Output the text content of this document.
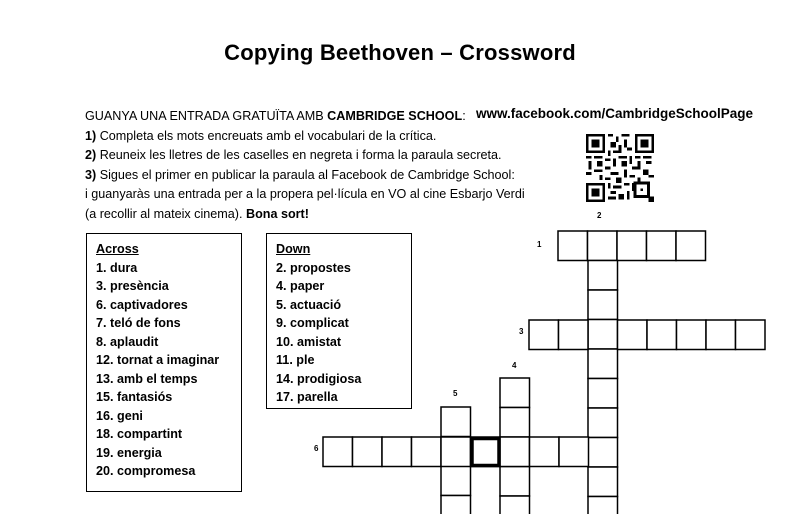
Copying Beethoven – Crossword
GUANYA UNA ENTRADA GRATUÏTA AMB CAMBRIDGE SCHOOL:
1) Completa els mots encreuats amb el vocabulari de la crítica.
2) Reuneix les lletres de les caselles en negreta i forma la paraula secreta.
3) Sigues el primer en publicar la paraula al Facebook de Cambridge School:
i guanyaràs una entrada per a la propera pel·lícula en VO al cine Esbarjo Verdi
(a recollir al mateix cinema). Bona sort!
www.facebook.com/CambridgeSchoolPage
Across
1. dura
3. presència
6. captivadores
7. teló de fons
8. aplaudit
12. tornat a imaginar
13. amb el temps
15. fantasiós
16. geni
18. compartint
19. energia
20. compromesa
Down
2. propostes
4. paper
5. actuació
9. complicat
10. amistat
11. ple
14. prodigiosa
17. parella
1
2
3
4
5
6
